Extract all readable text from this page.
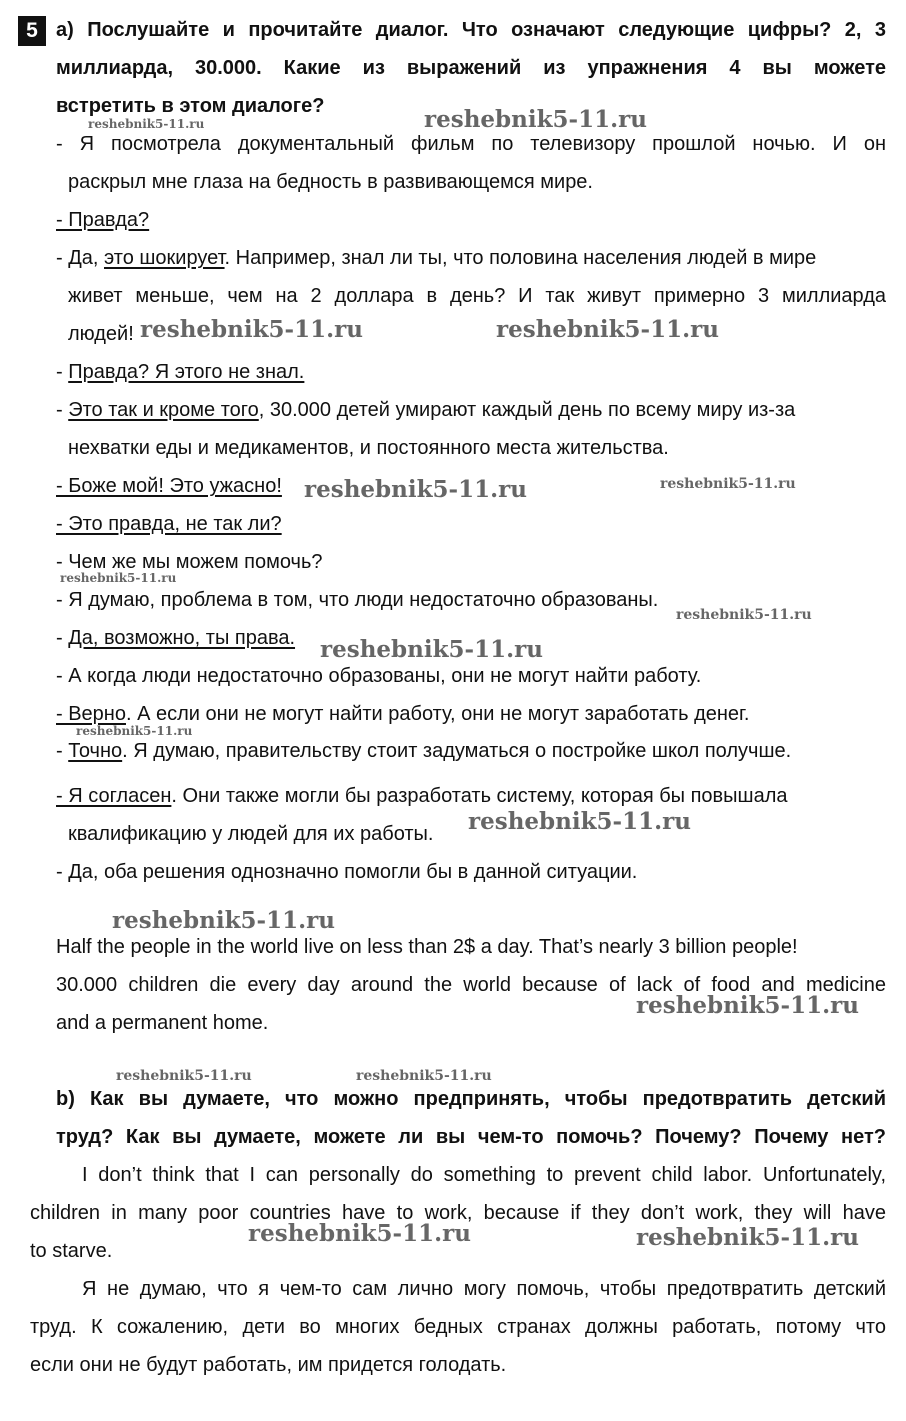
5 а) Послушайте и прочитайте диалог. Что означают следующие цифры? 2, 3
миллиарда, 30.000. Какие из выражений из упражнения 4 вы можете
встретить в этом диалоге?
- Я посмотрела документальный фильм по телевизору прошлой ночью. И он
раскрыл мне глаза на бедность в развивающемся мире.
- Правда?
- Да, это шокирует. Например, знал ли ты, что половина населения людей в мире
живет меньше, чем на 2 доллара в день? И так живут примерно 3 миллиарда
людей!
- Правда? Я этого не знал.
- Это так и кроме того, 30.000 детей умирают каждый день по всему миру из-за
нехватки еды и медикаментов, и постоянного места жительства.
- Боже мой! Это ужасно!
- Это правда, не так ли?
- Чем же мы можем помочь?
- Я думаю, проблема в том, что люди недостаточно образованы.
- Да, возможно, ты права.
- А когда люди недостаточно образованы, они не могут найти работу.
- Верно. А если они не могут найти работу, они не могут заработать денег.
- Точно. Я думаю, правительству стоит задуматься о постройке школ получше.
- Я согласен. Они также могли бы разработать систему, которая бы повышала
квалификацию у людей для их работы.
- Да, оба решения однозначно помогли бы в данной ситуации.
Half the people in the world live on less than 2$ a day. That’s nearly 3 billion people!
30.000 children die every day around the world because of lack of food and medicine
and a permanent home.
b) Как вы думаете, что можно предпринять, чтобы предотвратить детский
труд? Как вы думаете, можете ли вы чем-то помочь? Почему? Почему нет?
I don’t think that I can personally do something to prevent child labor. Unfortunately,
children in many poor countries have to work, because if they don’t work, they will have
to starve.
Я не думаю, что я чем-то сам лично могу помочь, чтобы предотвратить детский
труд. К сожалению, дети во многих бедных странах должны работать, потому что
если они не будут работать, им придется голодать.
reshebnik5-11.ru	reshebnik5-11.ru
reshebnik5-11.ru	reshebnik5-11.ru
reshebnik5-11.ru	reshebnik5-11.ru
reshebnik5-11.ru
reshebnik5-11.ru
reshebnik5-11.ru
reshebnik5-11.ru
reshebnik5-11.ru
reshebnik5-11.ru
reshebnik5-11.ru
reshebnik5-11.ru	reshebnik5-11.ru
reshebnik5-11.ru	reshebnik5-11.ru
